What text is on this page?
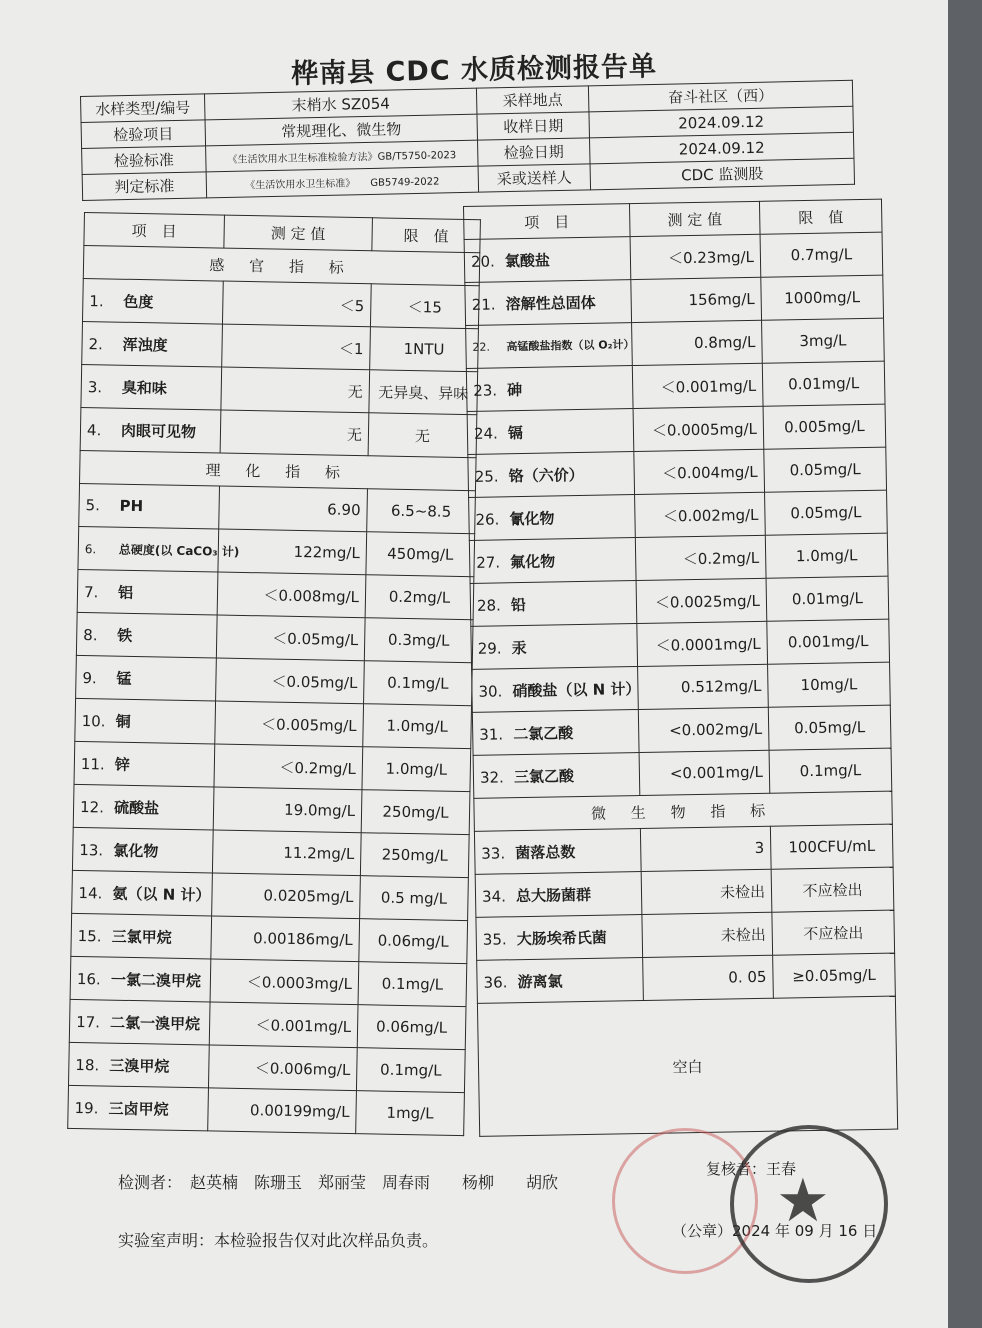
桦南县 CDC 水质检测报告单
水样类型/编号	末梢水 SZ054	采样地点	奋斗社区（西）
检验项目	常规理化、微生物	收样日期	2024.09.12
检验标准	《生活饮用水卫生标准检验方法》GB/T5750-2023	检验日期	2024.09.12
判定标准	《生活饮用水卫生标准》　　GB5749-2022	采或送样人	CDC 监测股
项　目	测 定 值	限　值
感 官 指 标		
1. 色度	＜5	＜15
2. 浑浊度	＜1	1NTU
3. 臭和味	无	无异臭、异味
4. 肉眼可见物	无	无
理 化 指 标		
5. PH	6.90	6.5~8.5
6. 总硬度(以 CaCO₃ 计)	122mg/L	450mg/L
7. 铝	＜0.008mg/L	0.2mg/L
8. 铁	＜0.05mg/L	0.3mg/L
9. 锰	＜0.05mg/L	0.1mg/L
10. 铜	＜0.005mg/L	1.0mg/L
11. 锌	＜0.2mg/L	1.0mg/L
12. 硫酸盐	19.0mg/L	250mg/L
13. 氯化物	11.2mg/L	250mg/L
14. 氨（以 N 计）	0.0205mg/L	0.5 mg/L
15. 三氯甲烷	0.00186mg/L	0.06mg/L
16. 一氯二溴甲烷	＜0.0003mg/L	0.1mg/L
17. 二氯一溴甲烷	＜0.001mg/L	0.06mg/L
18. 三溴甲烷	＜0.006mg/L	0.1mg/L
19. 三卤甲烷	0.00199mg/L	1mg/L
项　目	测 定 值	限　值
20. 氯酸盐	＜0.23mg/L	0.7mg/L
21. 溶解性总固体	156mg/L	1000mg/L
22. 高锰酸盐指数（以 O₂计）	0.8mg/L	3mg/L
23. 砷	＜0.001mg/L	0.01mg/L
24. 镉	＜0.0005mg/L	0.005mg/L
25. 铬（六价）	＜0.004mg/L	0.05mg/L
26. 氰化物	＜0.002mg/L	0.05mg/L
27. 氟化物	＜0.2mg/L	1.0mg/L
28. 铅	＜0.0025mg/L	0.01mg/L
29. 汞	＜0.0001mg/L	0.001mg/L
30. 硝酸盐（以 N 计）	0.512mg/L	10mg/L
31. 二氯乙酸	<0.002mg/L	0.05mg/L
32. 三氯乙酸	<0.001mg/L	0.1mg/L
微 生 物 指 标		
33. 菌落总数	3	100CFU/mL
34. 总大肠菌群	未检出	不应检出
35. 大肠埃希氏菌	未检出	不应检出
36. 游离氯	0. 05	≥0.05mg/L
空白		
检测者：　赵英楠　陈珊玉　郑丽莹　周春雨　　杨柳　　胡欣
复核者：王春
实验室声明：本检验报告仅对此次样品负责。	（公章）2024 年 09 月 16 日
★
